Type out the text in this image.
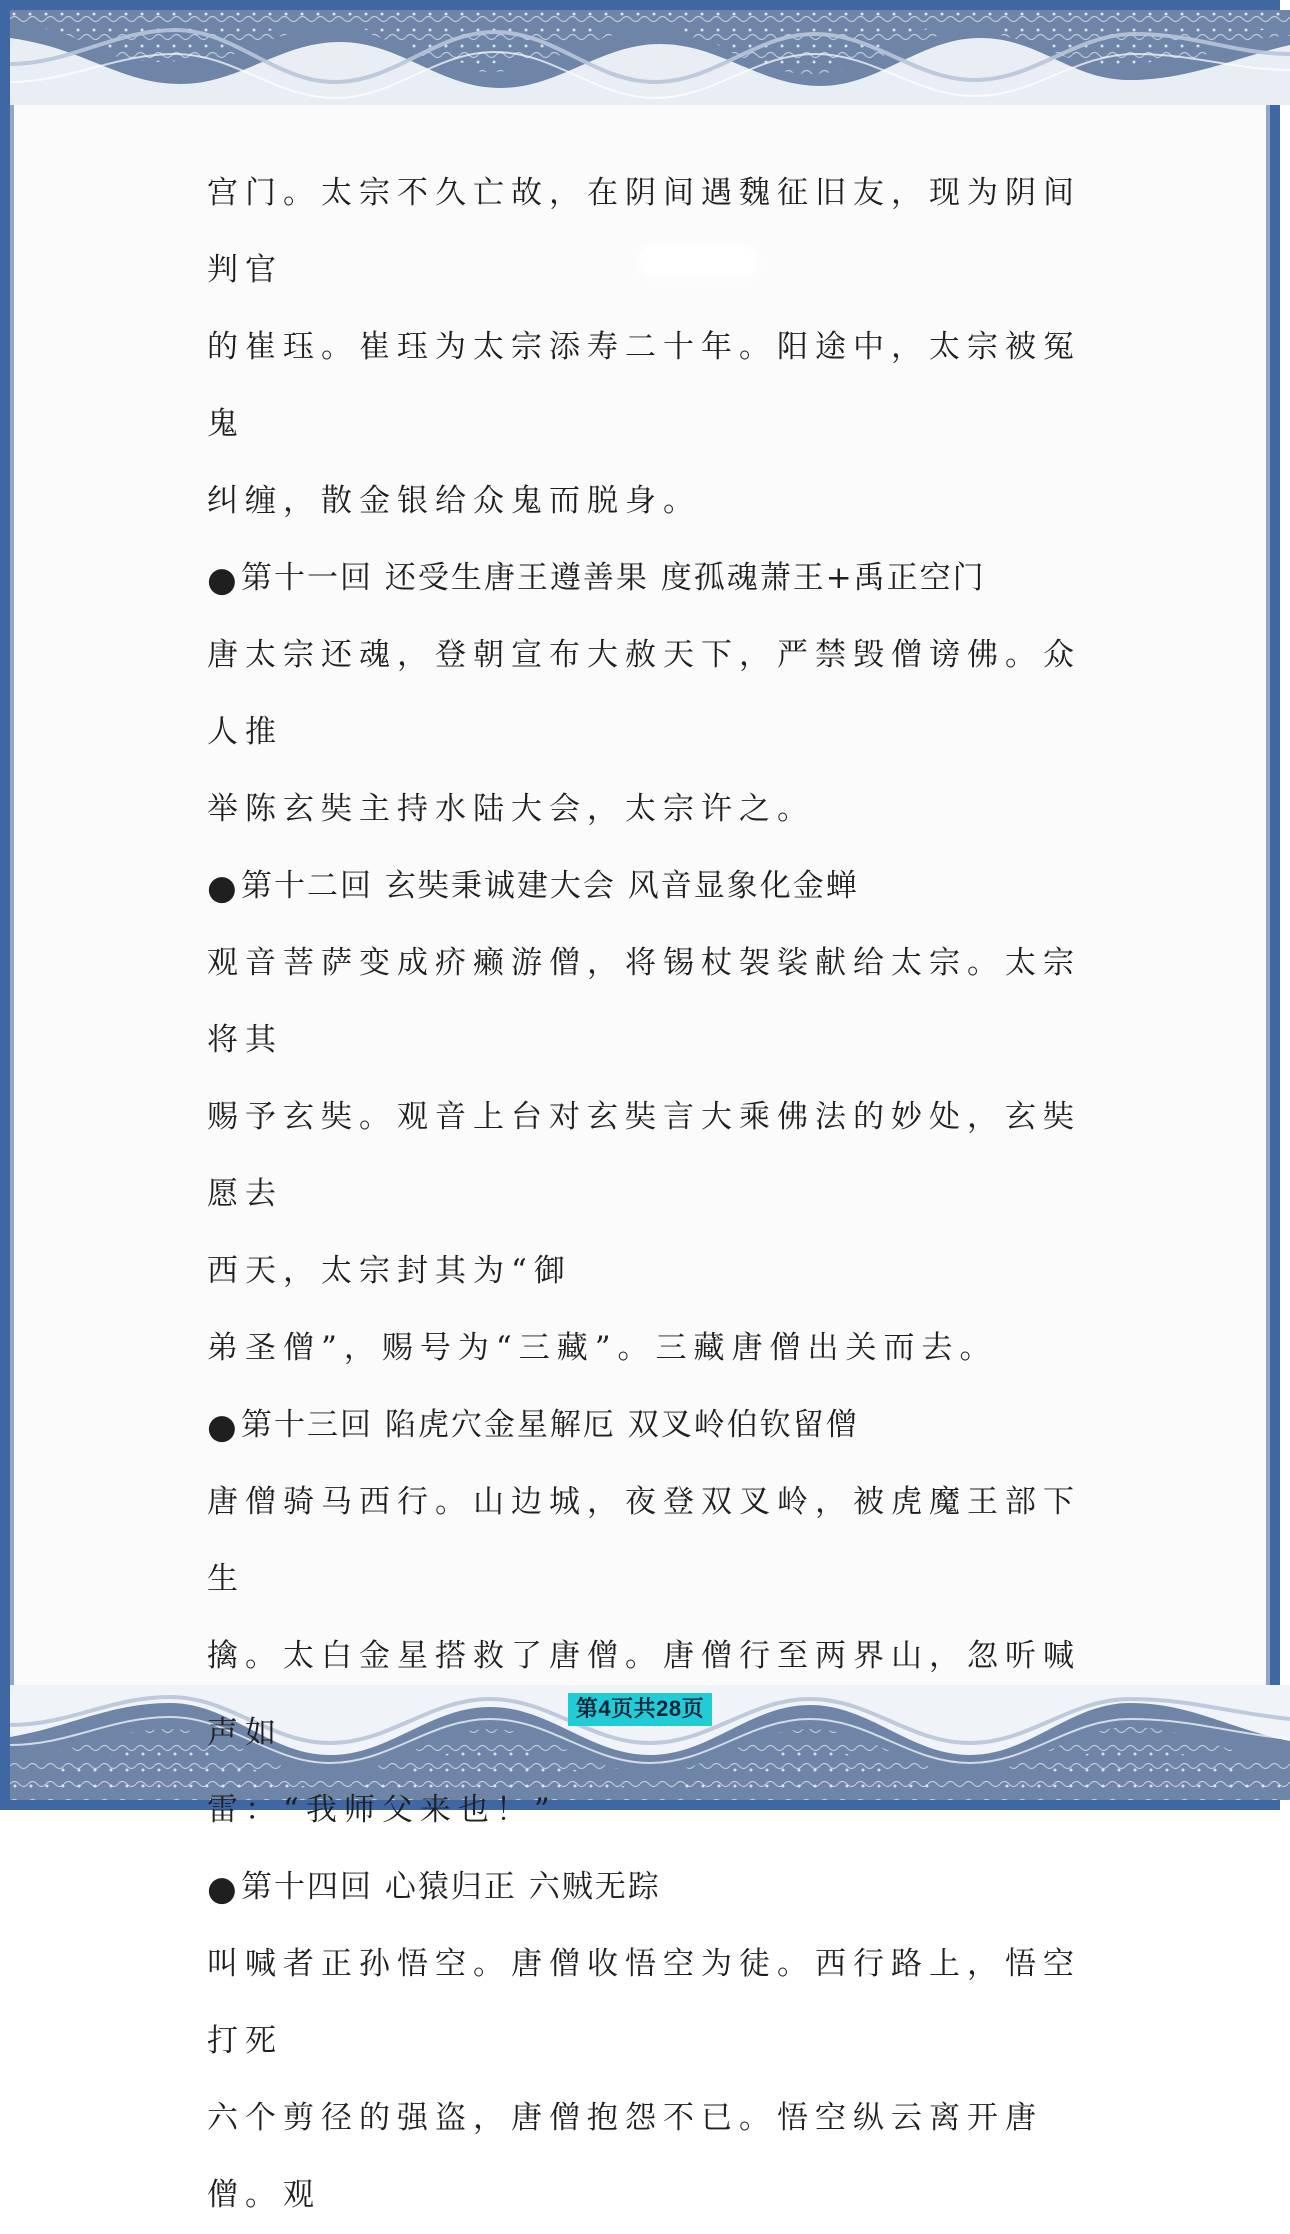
宫门。太宗不久亡故，在阴间遇魏征旧友，现为阴间判官
的崔珏。崔珏为太宗添寿二十年。阳途中，太宗被冤鬼
纠缠，散金银给众鬼而脱身。

●第十一回 还受生唐王遵善果 度孤魂萧王+禹正空门

唐太宗还魂，登朝宣布大赦天下，严禁毁僧谤佛。众人推
举陈玄奘主持水陆大会，太宗许之。

●第十二回 玄奘秉诚建大会 风音显象化金蝉

观音菩萨变成疥癞游僧，将锡杖袈裟献给太宗。太宗将其
赐予玄奘。观音上台对玄奘言大乘佛法的妙处，玄奘愿去
西天，太宗封其为“御
弟圣僧”，赐号为“三藏”。三藏唐僧出关而去。

●第十三回 陷虎穴金星解厄 双叉岭伯钦留僧

唐僧骑马西行。山边城，夜登双叉岭，被虎魔王部下生
擒。太白金星搭救了唐僧。唐僧行至两界山，忽听喊声如
雷：“我师父来也！”

●第十四回 心猿归正 六贼无踪

叫喊者正孙悟空。唐僧收悟空为徒。西行路上，悟空打死
六个剪径的强盗，唐僧抱怨不已。悟空纵云离开唐僧。观

第4页共28页
